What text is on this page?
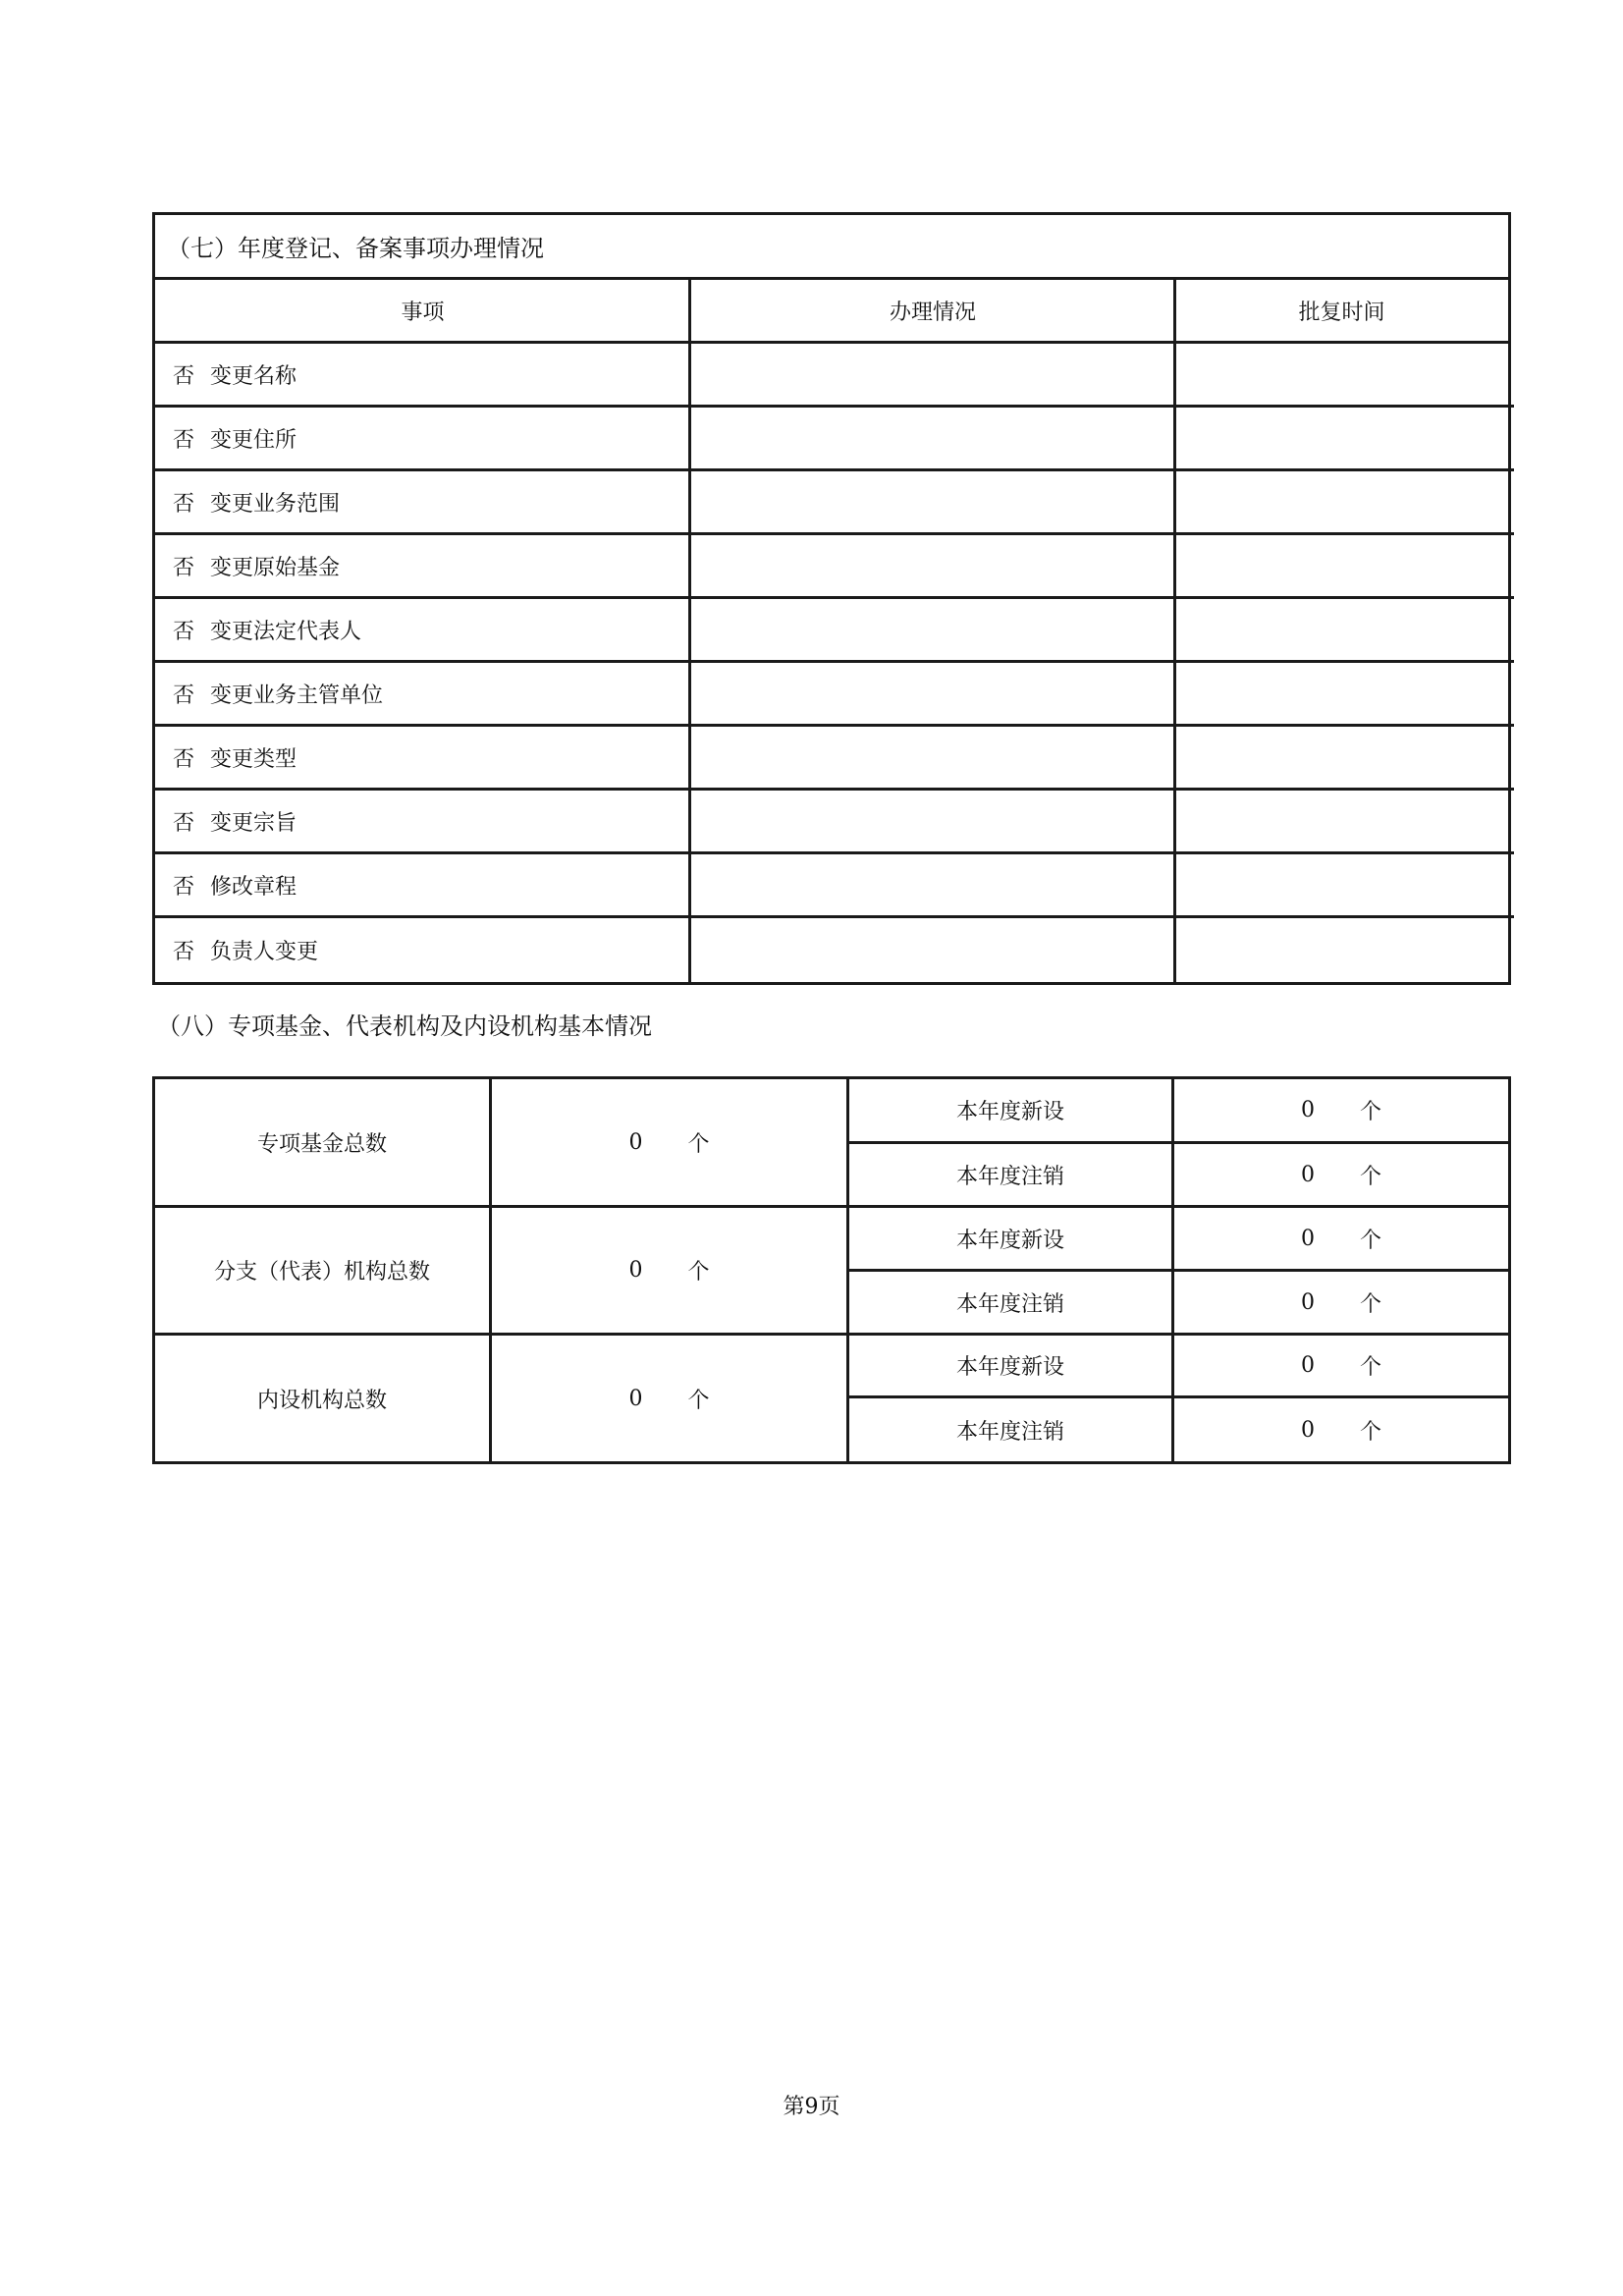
（七）年度登记、备案事项办理情况
事项	办理情况	批复时间
否 变更名称
否 变更住所
否 变更业务范围
否 变更原始基金
否 变更法定代表人
否 变更业务主管单位
否 变更类型
否 变更宗旨
否 修改章程
否 负责人变更
（八）专项基金、代表机构及内设机构基本情况
专项基金总数	0 个
本年度新设	0 个
本年度注销	0 个
分支（代表）机构总数	0 个
本年度新设	0 个
本年度注销	0 个
内设机构总数	0 个
本年度新设	0 个
本年度注销	0 个
第9页
